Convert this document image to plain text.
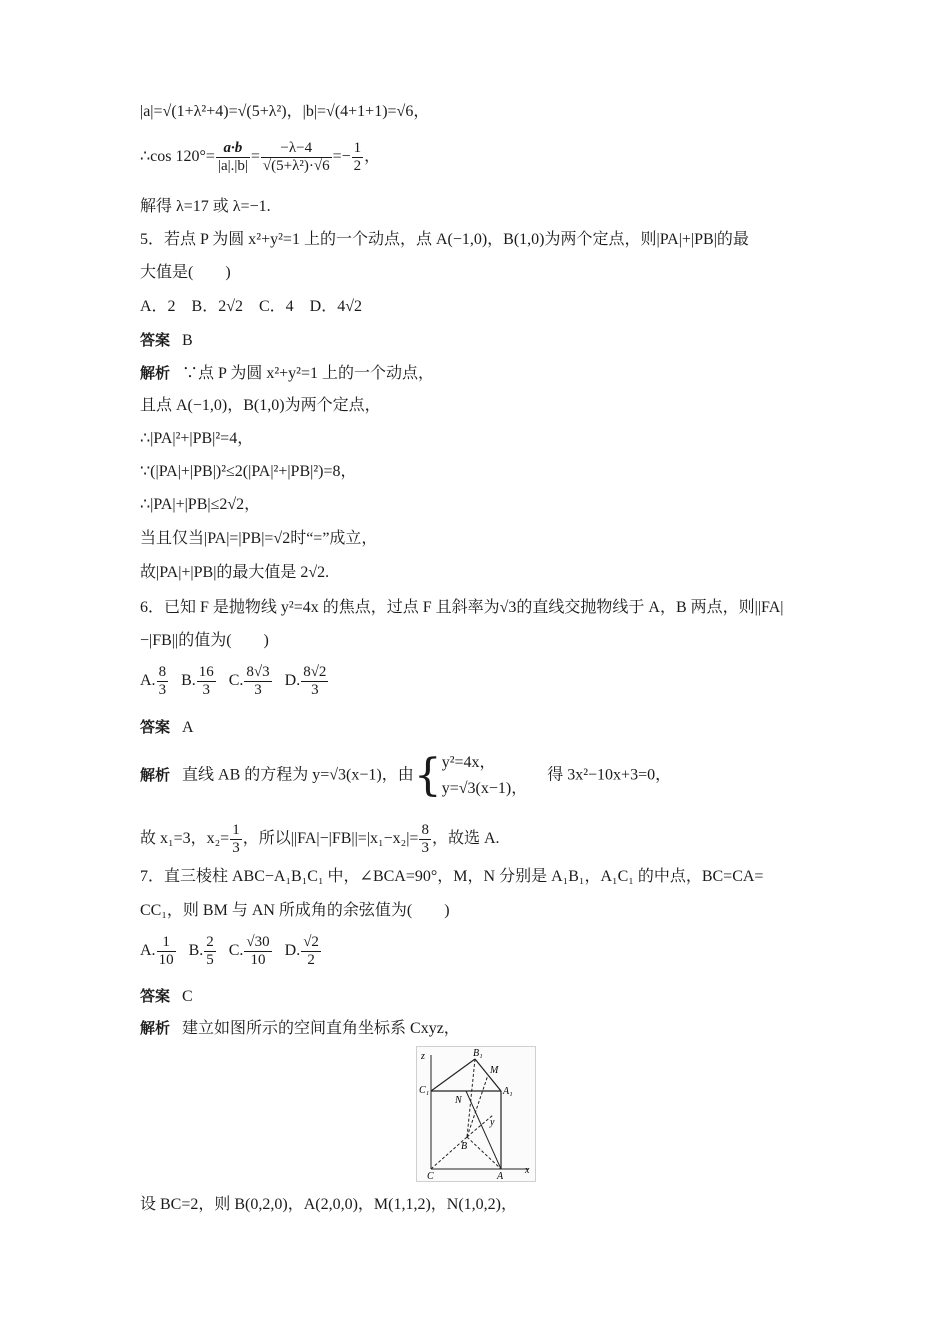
|a|=√(1+λ²+4)=√(5+λ²)，|b|=√(4+1+1)=√6，
∴cos $120^\circ= \frac{a\cdot b}{|a|.|b|} = \frac{-\lambda-4}{\text{√(5+λ²)·√6}} =- \frac{1}{2}$ ，
解得 λ=17 或 λ=−1.
5．若点 P 为圆 x²+y²=1 上的一个动点，点 A(−1,0)，B(1,0)为两个定点，则|PA|+|PB|的最
大值是(　　)
A．2　B．2√2　C．4　D．4√2
答案 B
解析 ∵点 P 为圆 x²+y²=1 上的一个动点，
且点 A(−1,0)，B(1,0)为两个定点，
∴|PA|²+|PB|²=4，
∵(|PA|+|PB|)²≤2(|PA|²+|PB|²)=8，
∴|PA|+|PB|≤2√2，
当且仅当|PA|=|PB|=√2时“=”成立，
故|PA|+|PB|的最大值是 2√2.
6．已知 F 是抛物线 y²=4x 的焦点，过点 F 且斜率为√3的直线交抛物线于 A，B 两点，则||FA|
−|FB||的值为(　　)
A. $\frac{8}{3} B$. $\frac{16}{3} C$. $\frac{8√3}{3} D$. $\frac{8√2}{3}$
答案 A
解析 直线 AB 的方程为 y=√3(x−1)，由{ y²=4x，
y=√3(x−1)，
得 3x²−10x+3=0，
故 x₁=3，$x_2= \frac{1}{3}$ ，所以$||FA|-|FB||=|x_1-x_2|= \frac{8}{3}$ ，故选 A.
7．直三棱柱 ABC−A₁B₁C₁ 中，∠BCA=90°，M，N 分别是 A₁B₁，A₁C₁ 的中点，BC=CA=
CC₁，则 BM 与 AN 所成角的余弦值为(　　)
A. $\frac{1}{10} B$. $\frac{2}{5} C$. $\frac{√30}{10} D$. $\frac{√2}{2}$
答案 C
解析 建立如图所示的空间直角坐标系 Cxyz，
z	B₁
M
C₁	A₁
N
y
B
C	A
x
设 BC=2，则 B(0,2,0)，A(2,0,0)，M(1,1,2)，N(1,0,2)，
